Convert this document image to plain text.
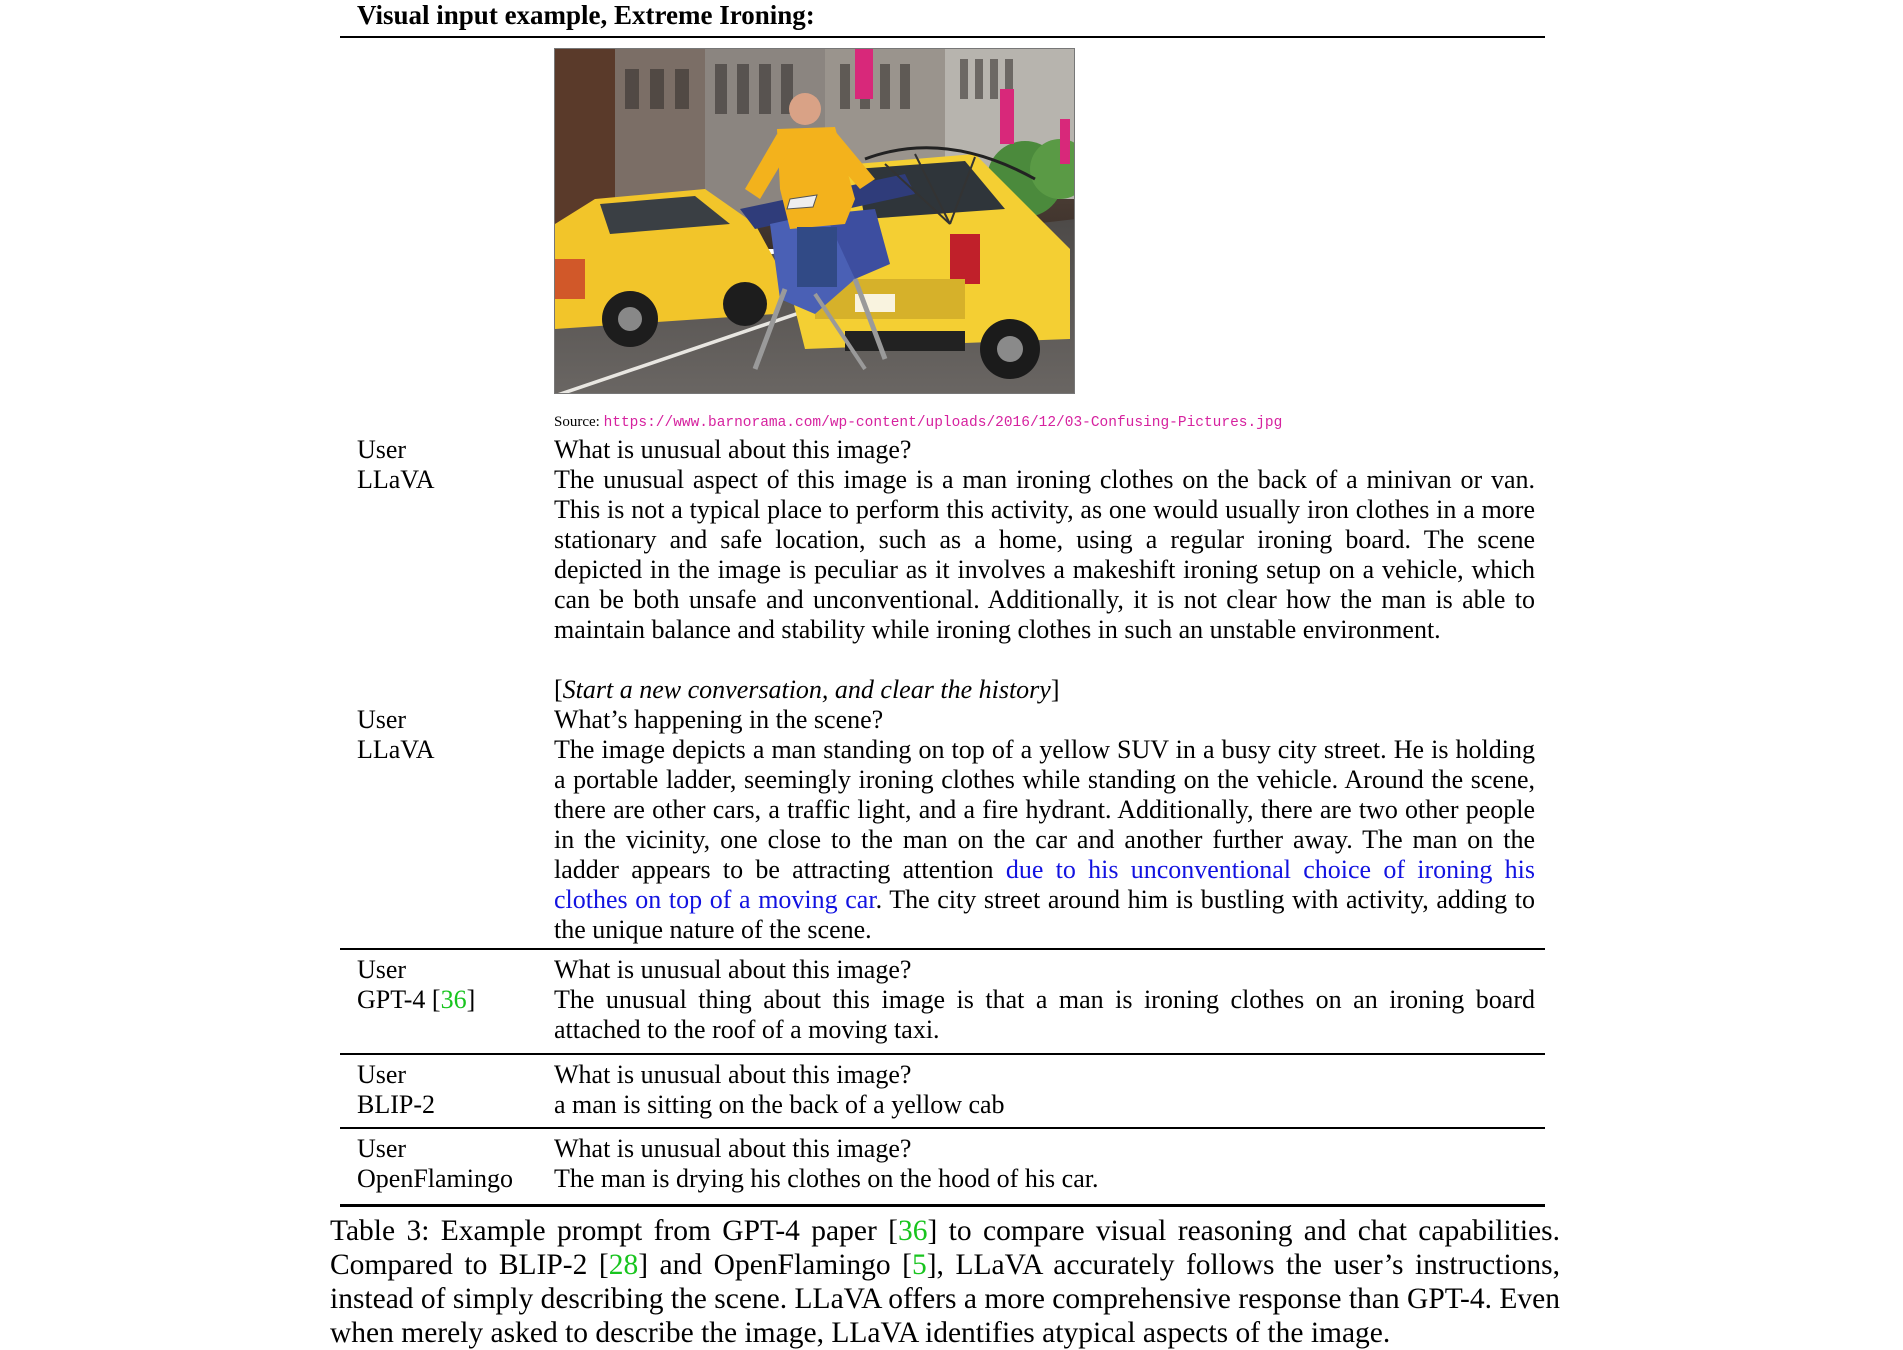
Visual input example, Extreme Ironing:
Source: https://www.barnorama.com/wp-content/uploads/2016/12/03-Confusing-Pictures.jpg
User	What is unusual about this image?
LLaVA	The unusual aspect of this image is a man ironing clothes on the back of a minivan or van. This is not a typical place to perform this activity, as one would usually iron clothes in a more stationary and safe location, such as a home, using a regular ironing board. The scene depicted in the image is peculiar as it involves a makeshift ironing setup on a vehicle, which can be both unsafe and unconventional. Additionally, it is not clear how the man is able to maintain balance and stability while ironing clothes in such an unstable environment.
[Start a new conversation, and clear the history]
User	What’s happening in the scene?
LLaVA	The image depicts a man standing on top of a yellow SUV in a busy city street. He is holding a portable ladder, seemingly ironing clothes while standing on the vehicle. Around the scene, there are other cars, a traffic light, and a fire hydrant. Additionally, there are two other people in the vicinity, one close to the man on the car and another further away. The man on the ladder appears to be attracting attention due to his unconventional choice of ironing his clothes on top of a moving car. The city street around him is bustling with activity, adding to the unique nature of the scene.
User	What is unusual about this image?
GPT-4 [36]	The unusual thing about this image is that a man is ironing clothes on an ironing board attached to the roof of a moving taxi.
User	What is unusual about this image?
BLIP-2	a man is sitting on the back of a yellow cab
User	What is unusual about this image?
OpenFlamingo	The man is drying his clothes on the hood of his car.
Table 3: Example prompt from GPT-4 paper [36] to compare visual reasoning and chat capabilities. Compared to BLIP-2 [28] and OpenFlamingo [5], LLaVA accurately follows the user’s instructions, instead of simply describing the scene. LLaVA offers a more comprehensive response than GPT-4. Even when merely asked to describe the image, LLaVA identifies atypical aspects of the image.
